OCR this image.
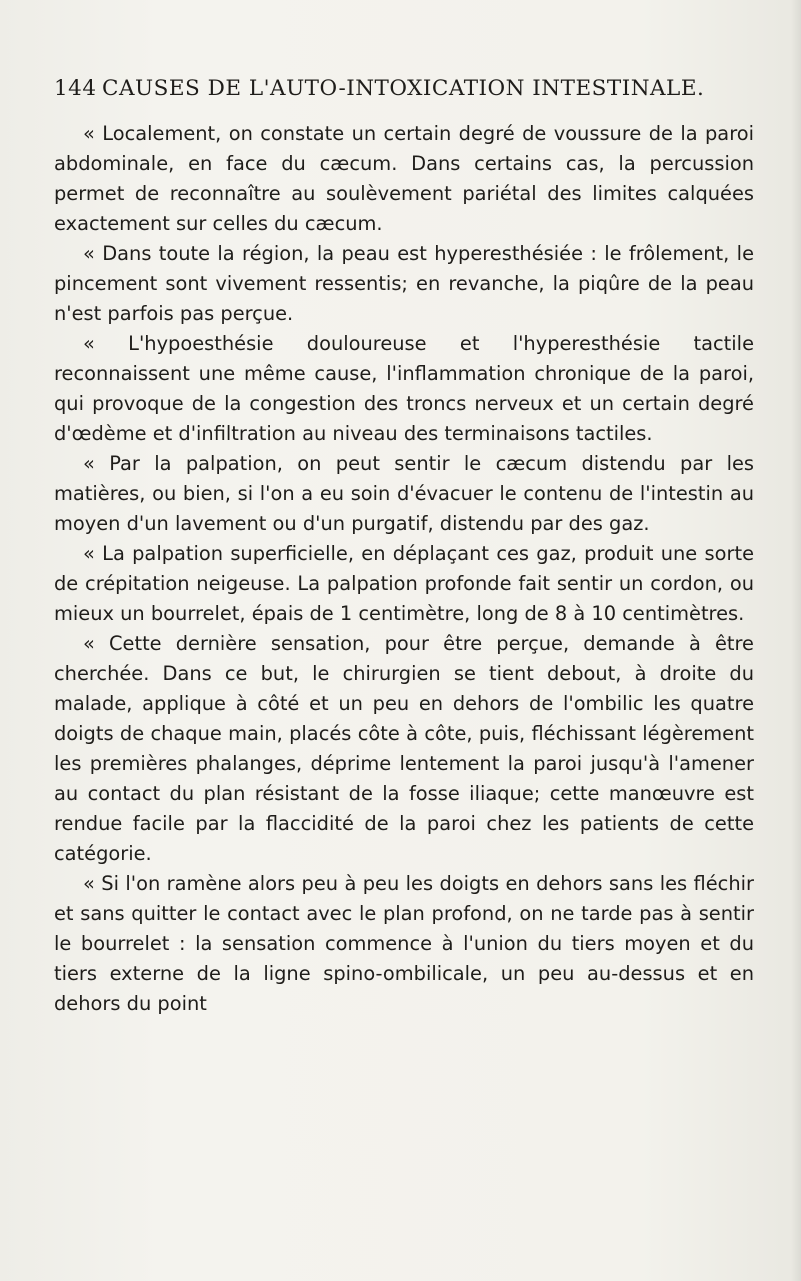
144 CAUSES DE L'AUTO-INTOXICATION INTESTINALE.

« Localement, on constate un certain degré de voussure de la paroi abdominale, en face du cæcum. Dans certains cas, la percussion permet de reconnaître au soulèvement pariétal des limites calquées exactement sur celles du cæcum.

« Dans toute la région, la peau est hyperesthésiée : le frôlement, le pincement sont vivement ressentis; en revanche, la piqûre de la peau n'est parfois pas perçue.

« L'hypoesthésie douloureuse et l'hyperesthésie tactile reconnaissent une même cause, l'inflammation chronique de la paroi, qui provoque de la congestion des troncs nerveux et un certain degré d'œdème et d'infiltration au niveau des terminaisons tactiles.

« Par la palpation, on peut sentir le cæcum distendu par les matières, ou bien, si l'on a eu soin d'évacuer le contenu de l'intestin au moyen d'un lavement ou d'un purgatif, distendu par des gaz.

« La palpation superficielle, en déplaçant ces gaz, produit une sorte de crépitation neigeuse. La palpation profonde fait sentir un cordon, ou mieux un bourrelet, épais de 1 centimètre, long de 8 à 10 centimètres.

« Cette dernière sensation, pour être perçue, demande à être cherchée. Dans ce but, le chirurgien se tient debout, à droite du malade, applique à côté et un peu en dehors de l'ombilic les quatre doigts de chaque main, placés côte à côte, puis, fléchissant légèrement les premières phalanges, déprime lentement la paroi jusqu'à l'amener au contact du plan résistant de la fosse iliaque; cette manœuvre est rendue facile par la flaccidité de la paroi chez les patients de cette catégorie.

« Si l'on ramène alors peu à peu les doigts en dehors sans les fléchir et sans quitter le contact avec le plan profond, on ne tarde pas à sentir le bourrelet : la sensation commence à l'union du tiers moyen et du tiers externe de la ligne spino-ombilicale, un peu au-dessus et en dehors du point
